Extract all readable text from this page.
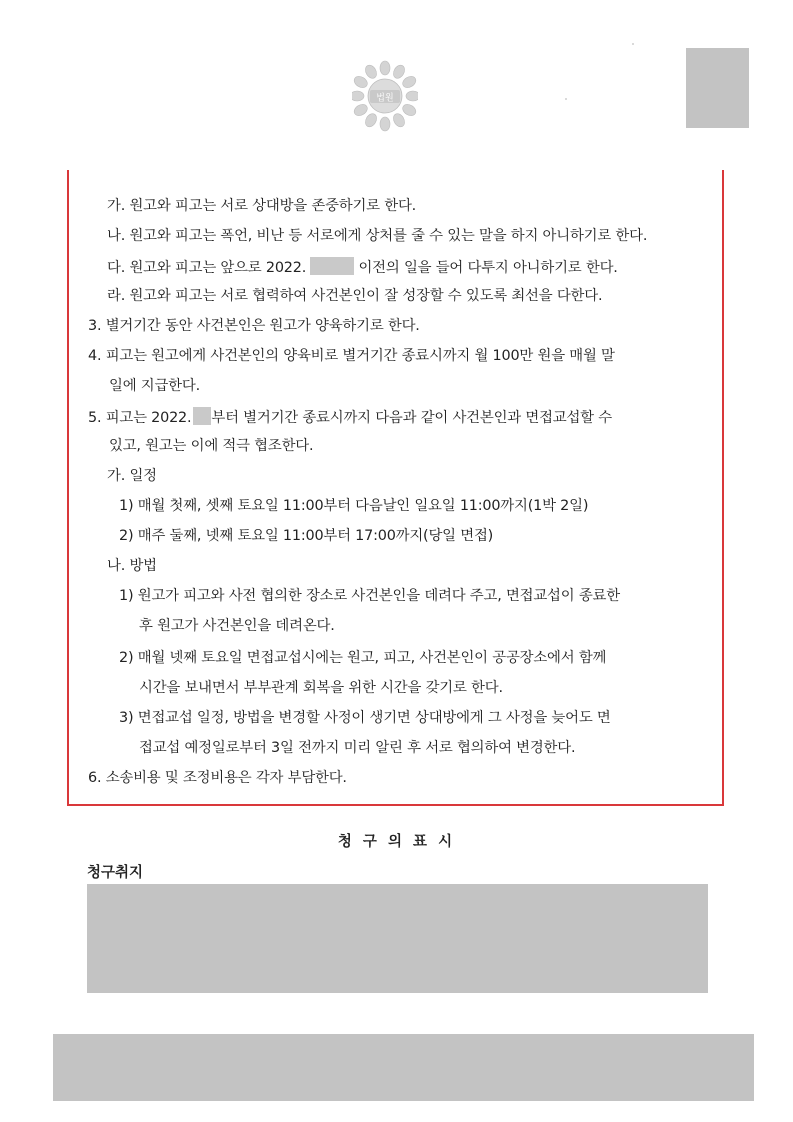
법원
가. 원고와 피고는 서로 상대방을 존중하기로 한다.
나. 원고와 피고는 폭언, 비난 등 서로에게 상처를 줄 수 있는 말을 하지 아니하기로 한다.
다. 원고와 피고는 앞으로 2022.	이전의 일을 들어 다투지 아니하기로 한다.
라. 원고와 피고는 서로 협력하여 사건본인이 잘 성장할 수 있도록 최선을 다한다.
3. 별거기간 동안 사건본인은 원고가 양육하기로 한다.
4. 피고는 원고에게 사건본인의 양육비로 별거기간 종료시까지 월 100만 원을 매월 말
일에 지급한다.
5. 피고는 2022. 부터 별거기간 종료시까지 다음과 같이 사건본인과 면접교섭할 수
있고, 원고는 이에 적극 협조한다.
가. 일정
1) 매월 첫째, 셋째 토요일 11:00부터 다음날인 일요일 11:00까지(1박 2일)
2) 매주 둘째, 넷째 토요일 11:00부터 17:00까지(당일 면접)
나. 방법
1) 원고가 피고와 사전 협의한 장소로 사건본인을 데려다 주고, 면접교섭이 종료한
후 원고가 사건본인을 데려온다.
2) 매월 넷째 토요일 면접교섭시에는 원고, 피고, 사건본인이 공공장소에서 함께
시간을 보내면서 부부관계 회복을 위한 시간을 갖기로 한다.
3) 면접교섭 일정, 방법을 변경할 사정이 생기면 상대방에게 그 사정을 늦어도 면
접교섭 예정일로부터 3일 전까지 미리 알린 후 서로 협의하여 변경한다.
6. 소송비용 및 조정비용은 각자 부담한다.
청 구 의 표 시
청구취지
